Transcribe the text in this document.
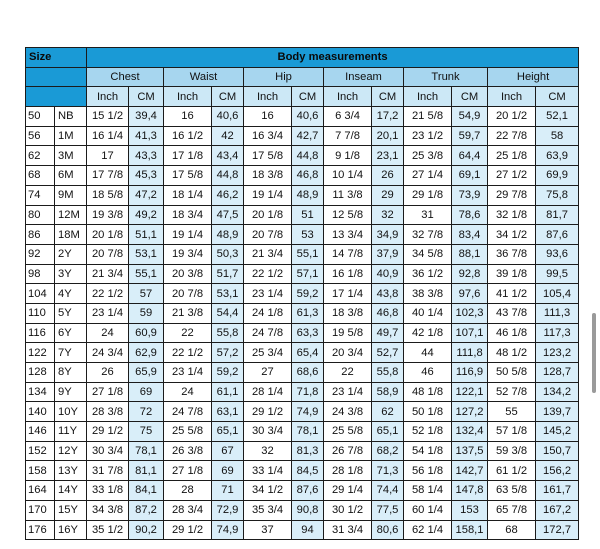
Size		Body measurements											
		Chest		Waist		Hip		Inseam		Trunk		Height	
		Inch	CM	Inch	CM	Inch	CM	Inch	CM	Inch	CM	Inch	CM
50	NB	15 1/2	39,4	16	40,6	16	40,6	6 3/4	17,2	21 5/8	54,9	20 1/2	52,1
56	1M	16 1/4	41,3	16 1/2	42	16 3/4	42,7	7 7/8	20,1	23 1/2	59,7	22 7/8	58
62	3M	17	43,3	17 1/8	43,4	17 5/8	44,8	9 1/8	23,1	25 3/8	64,4	25 1/8	63,9
68	6M	17 7/8	45,3	17 5/8	44,8	18 3/8	46,8	10 1/4	26	27 1/4	69,1	27 1/2	69,9
74	9M	18 5/8	47,2	18 1/4	46,2	19 1/4	48,9	11 3/8	29	29 1/8	73,9	29 7/8	75,8
80	12M	19 3/8	49,2	18 3/4	47,5	20 1/8	51	12 5/8	32	31	78,6	32 1/8	81,7
86	18M	20 1/8	51,1	19 1/4	48,9	20 7/8	53	13 3/4	34,9	32 7/8	83,4	34 1/2	87,6
92	2Y	20 7/8	53,1	19 3/4	50,3	21 3/4	55,1	14 7/8	37,9	34 5/8	88,1	36 7/8	93,6
98	3Y	21 3/4	55,1	20 3/8	51,7	22 1/2	57,1	16 1/8	40,9	36 1/2	92,8	39 1/8	99,5
104	4Y	22 1/2	57	20 7/8	53,1	23 1/4	59,2	17 1/4	43,8	38 3/8	97,6	41 1/2	105,4
110	5Y	23 1/4	59	21 3/8	54,4	24 1/8	61,3	18 3/8	46,8	40 1/4	102,3	43 7/8	111,3
116	6Y	24	60,9	22	55,8	24 7/8	63,3	19 5/8	49,7	42 1/8	107,1	46 1/8	117,3
122	7Y	24 3/4	62,9	22 1/2	57,2	25 3/4	65,4	20 3/4	52,7	44	111,8	48 1/2	123,2
128	8Y	26	65,9	23 1/4	59,2	27	68,6	22	55,8	46	116,9	50 5/8	128,7
134	9Y	27 1/8	69	24	61,1	28 1/4	71,8	23 1/4	58,9	48 1/8	122,1	52 7/8	134,2
140	10Y	28 3/8	72	24 7/8	63,1	29 1/2	74,9	24 3/8	62	50 1/8	127,2	55	139,7
146	11Y	29 1/2	75	25 5/8	65,1	30 3/4	78,1	25 5/8	65,1	52 1/8	132,4	57 1/8	145,2
152	12Y	30 3/4	78,1	26 3/8	67	32	81,3	26 7/8	68,2	54 1/8	137,5	59 3/8	150,7
158	13Y	31 7/8	81,1	27 1/8	69	33 1/4	84,5	28 1/8	71,3	56 1/8	142,7	61 1/2	156,2
164	14Y	33 1/8	84,1	28	71	34 1/2	87,6	29 1/4	74,4	58 1/4	147,8	63 5/8	161,7
170	15Y	34 3/8	87,2	28 3/4	72,9	35 3/4	90,8	30 1/2	77,5	60 1/4	153	65 7/8	167,2
176	16Y	35 1/2	90,2	29 1/2	74,9	37	94	31 3/4	80,6	62 1/4	158,1	68	172,7
